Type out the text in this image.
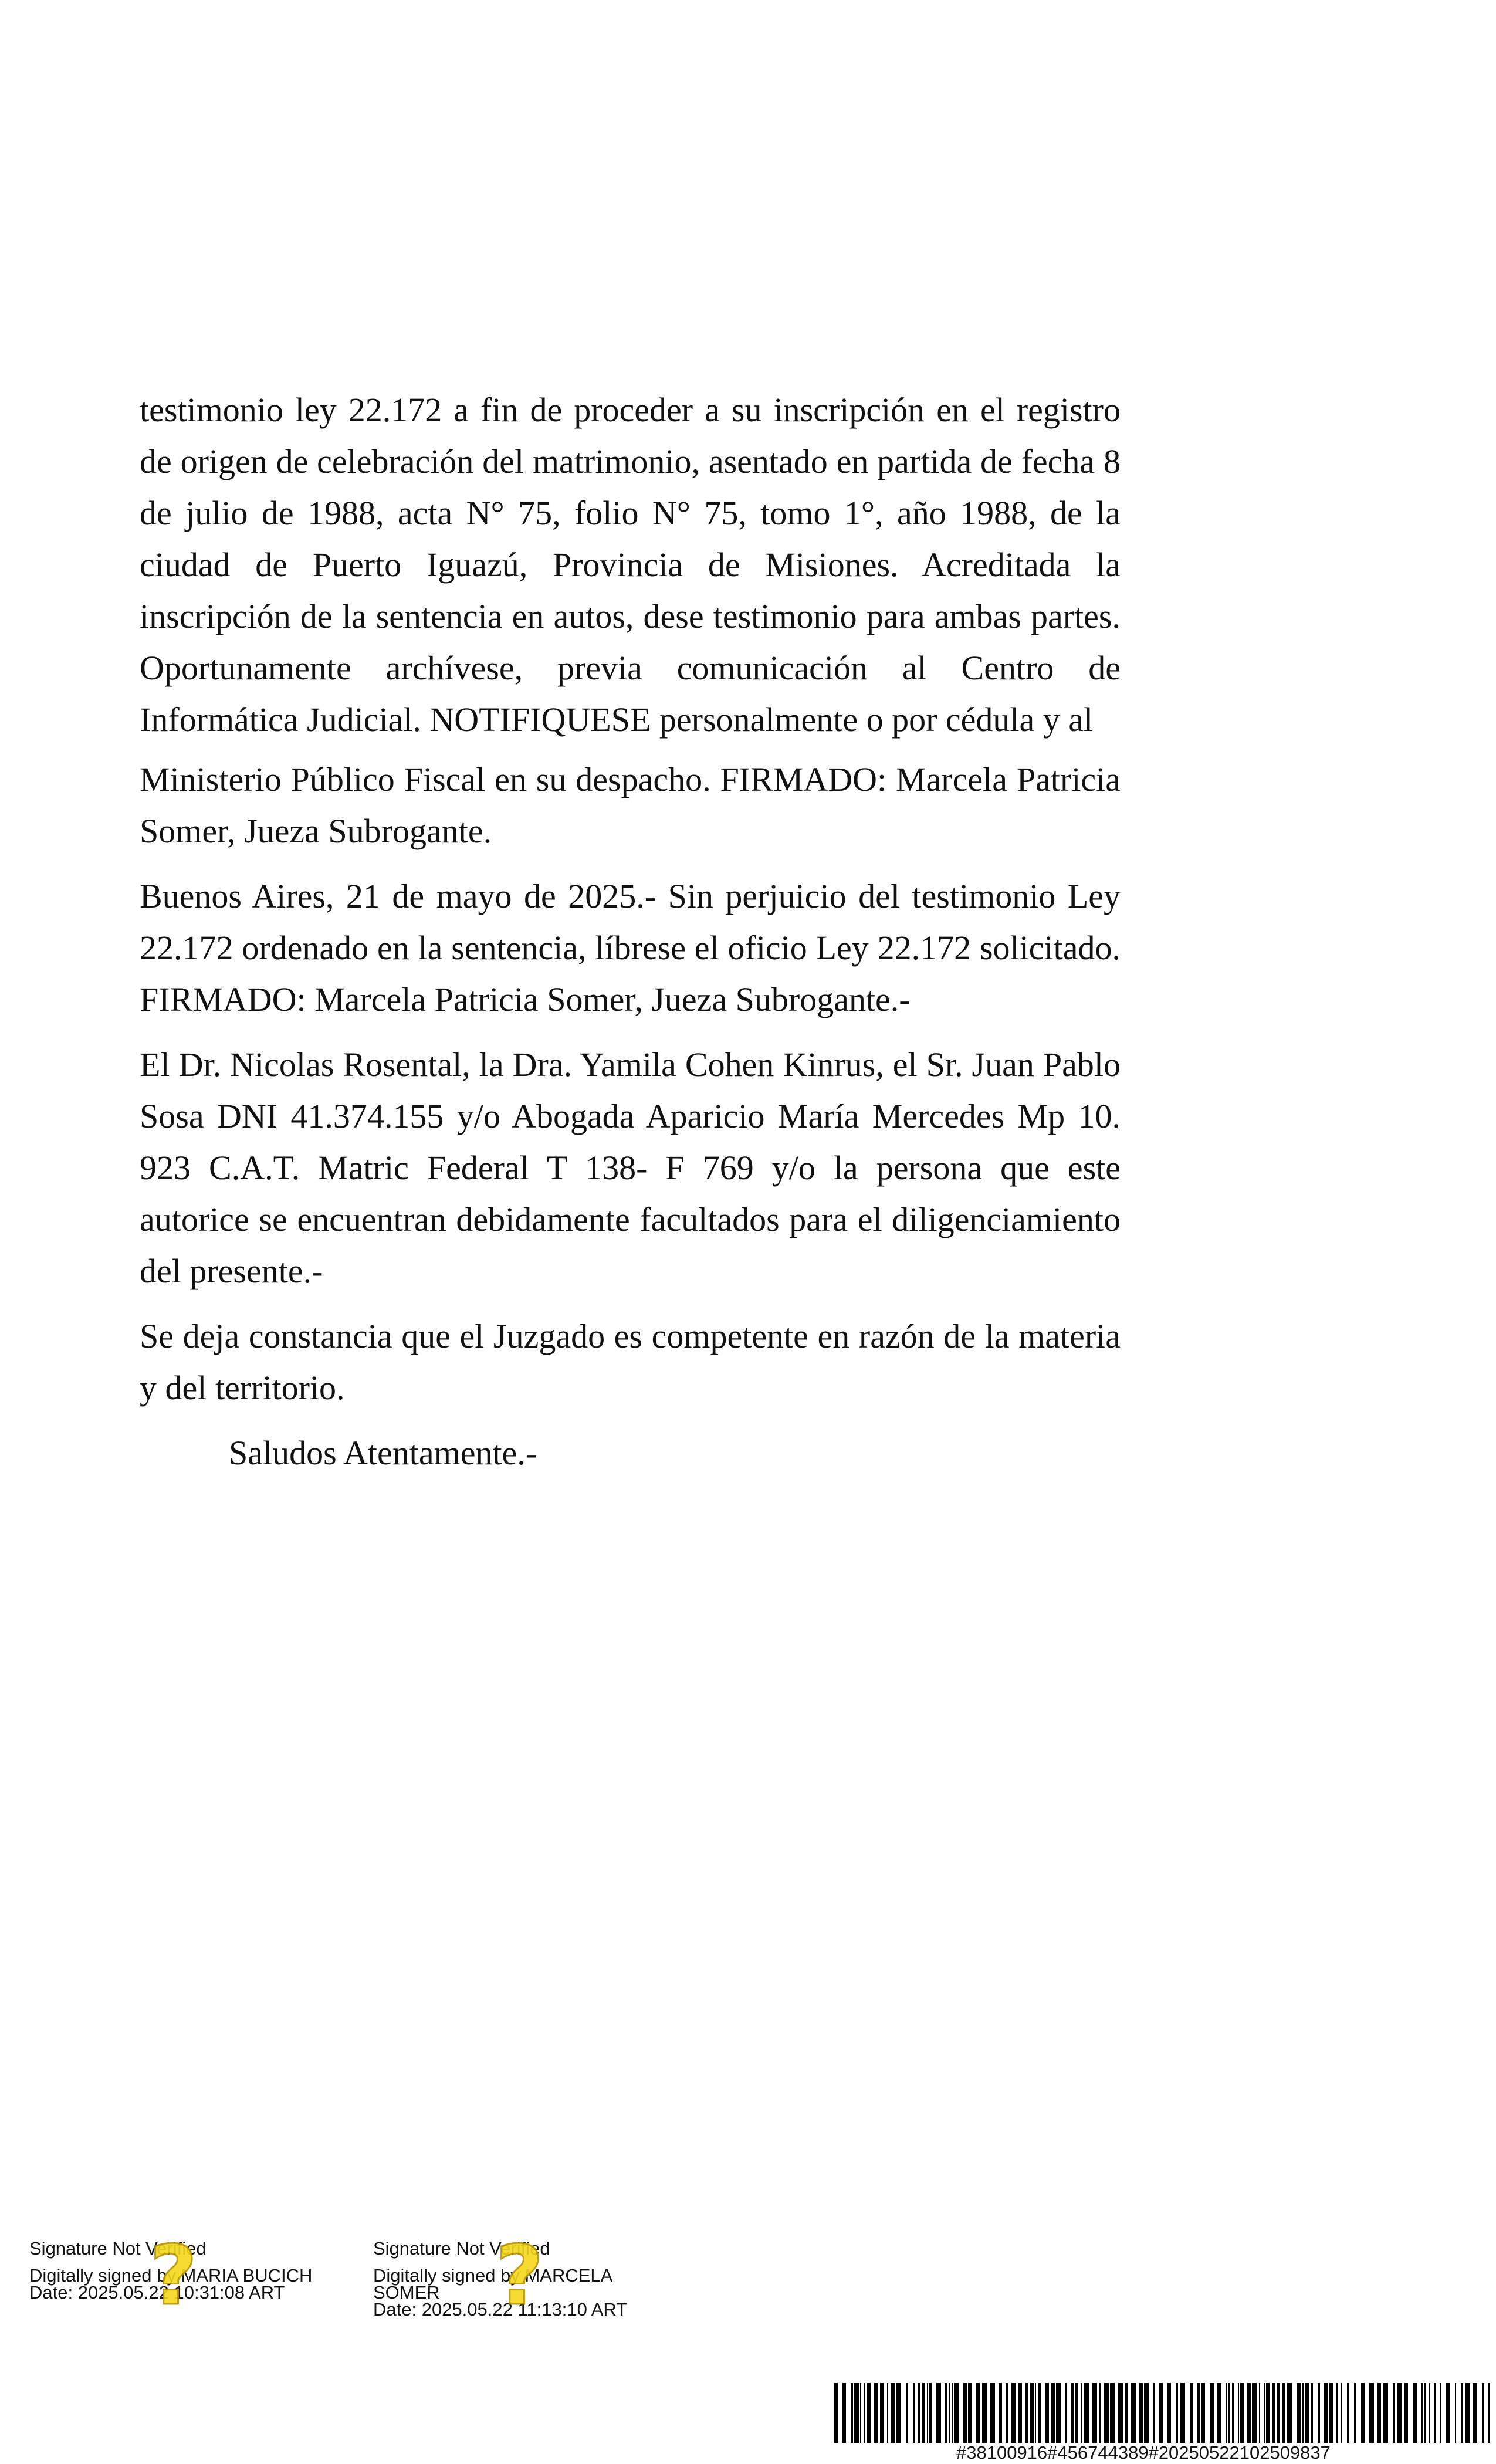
testimonio ley 22.172 a fin de proceder a su inscripción en el registro de origen de celebración del matrimonio, asentado en partida de fecha 8 de julio de 1988, acta N° 75, folio N° 75, tomo 1°, año 1988, de la ciudad de Puerto Iguazú, Provincia de Misiones. Acreditada la inscripción de la sentencia en autos, dese testimonio para ambas partes. Oportunamente archívese, previa comunicación al Centro de Informática Judicial. NOTIFIQUESE personalmente o por cédula y al

Ministerio Público Fiscal en su despacho. FIRMADO: Marcela Patricia Somer, Jueza Subrogante.

Buenos Aires, 21 de mayo de 2025.- Sin perjuicio del testimonio Ley 22.172 ordenado en la sentencia, líbrese el oficio Ley 22.172 solicitado. FIRMADO: Marcela Patricia Somer, Jueza Subrogante.-

El Dr. Nicolas Rosental, la Dra. Yamila Cohen Kinrus, el Sr. Juan Pablo Sosa DNI 41.374.155 y/o Abogada Aparicio María Mercedes Mp 10. 923 C.A.T. Matric Federal T 138- F 769 y/o la persona que este autorice se encuentran debidamente facultados para el diligenciamiento del presente.-

Se deja constancia que el Juzgado es competente en razón de la materia y del territorio.

Saludos Atentamente.-

Signature Not Verified
Digitally signed by MARIA BUCICH
Date: 2025.05.22 10:31:08 ART
?	Signature Not Verified
Digitally signed by MARCELA
SOMER
Date: 2025.05.22 11:13:10 ART
?
#38100916#456744389#20250522102509837
